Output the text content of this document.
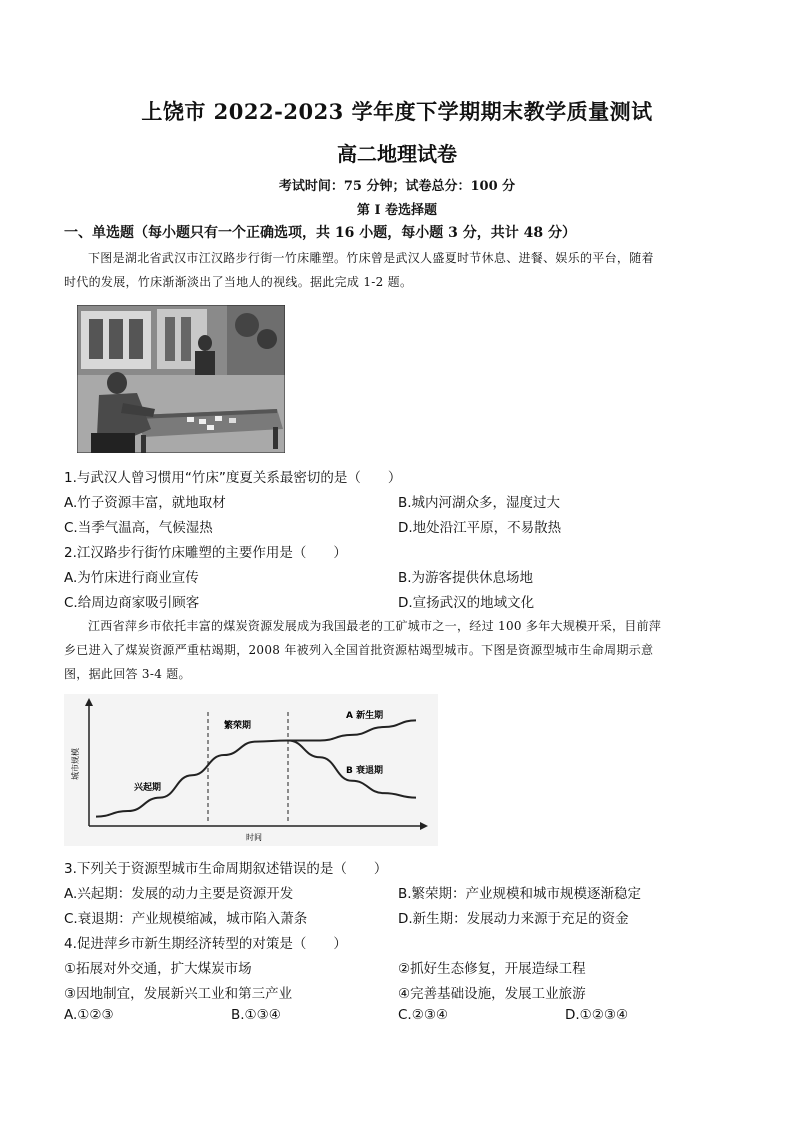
上饶市 2022-2023 学年度下学期期末教学质量测试
高二地理试卷
考试时间：75 分钟；试卷总分：100 分
第 I 卷选择题
一、单选题（每小题只有一个正确选项，共 16 小题，每小题 3 分，共计 48 分）
下图是湖北省武汉市江汉路步行街一竹床雕塑。竹床曾是武汉人盛夏时节休息、进餐、娱乐的平台，随着
时代的发展，竹床渐渐淡出了当地人的视线。据此完成 1-2 题。
1.与武汉人曾习惯用“竹床”度夏关系最密切的是（　　）
A.竹子资源丰富，就地取材	B.城内河湖众多，湿度过大
C.当季气温高，气候湿热	D.地处沿江平原，不易散热
2.江汉路步行街竹床雕塑的主要作用是（　　）
A.为竹床进行商业宣传	B.为游客提供休息场地
C.给周边商家吸引顾客	D.宣扬武汉的地域文化
江西省萍乡市依托丰富的煤炭资源发展成为我国最老的工矿城市之一，经过 100 多年大规模开采，目前萍
乡已进入了煤炭资源严重枯竭期，2008 年被列入全国首批资源枯竭型城市。下图是资源型城市生命周期示意
图，据此回答 3-4 题。
城市规模
时间
兴起期
繁荣期
A 新生期
B 衰退期
3.下列关于资源型城市生命周期叙述错误的是（　　）
A.兴起期：发展的动力主要是资源开发	B.繁荣期：产业规模和城市规模逐渐稳定
C.衰退期：产业规模缩减，城市陷入萧条	D.新生期：发展动力来源于充足的资金
4.促进萍乡市新生期经济转型的对策是（　　）
①拓展对外交通，扩大煤炭市场	②抓好生态修复，开展造绿工程
③因地制宜，发展新兴工业和第三产业	④完善基础设施，发展工业旅游
A.①②③	B.①③④	C.②③④	D.①②③④
